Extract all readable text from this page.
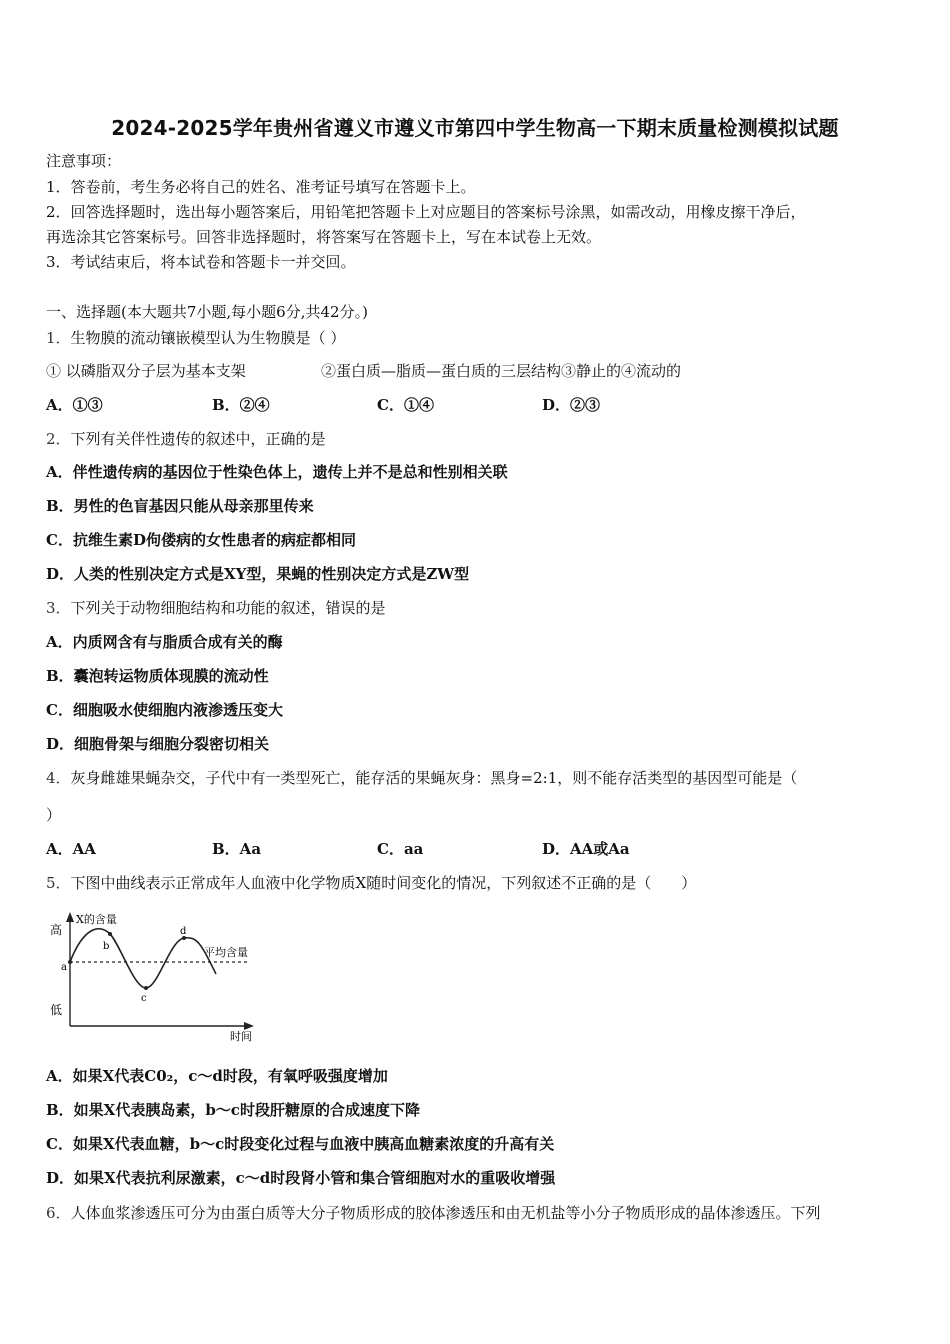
2024-2025学年贵州省遵义市遵义市第四中学生物高一下期末质量检测模拟试题
注意事项：
1．答卷前，考生务必将自己的姓名、准考证号填写在答题卡上。
2．回答选择题时，选出每小题答案后，用铅笔把答题卡上对应题目的答案标号涂黑，如需改动，用橡皮擦干净后，
再选涂其它答案标号。回答非选择题时，将答案写在答题卡上，写在本试卷上无效。
3．考试结束后，将本试卷和答题卡一并交回。
一、选择题(本大题共7小题,每小题6分,共42分。)
1．生物膜的流动镶嵌模型认为生物膜是（ ）
① 以磷脂双分子层为基本支架	②蛋白质—脂质—蛋白质的三层结构③静止的④流动的
A．①③	B．②④	C．①④	D．②③
2．下列有关伴性遗传的叙述中，正确的是
A．伴性遗传病的基因位于性染色体上，遗传上并不是总和性别相关联
B．男性的色盲基因只能从母亲那里传来
C．抗维生素D佝偻病的女性患者的病症都相同
D．人类的性别决定方式是XY型，果蝇的性别决定方式是ZW型
3．下列关于动物细胞结构和功能的叙述，错误的是
A．内质网含有与脂质合成有关的酶
B．囊泡转运物质体现膜的流动性
C．细胞吸水使细胞内液渗透压变大
D．细胞骨架与细胞分裂密切相关
4．灰身雌雄果蝇杂交，子代中有一类型死亡，能存活的果蝇灰身：黑身=2:1，则不能存活类型的基因型可能是（
）
A．AA	B．Aa	C．aa	D．AA或Aa
5．下图中曲线表示正常成年人血液中化学物质X随时间变化的情况，下列叙述不正确的是（　　）
X的含量
高
低
时间
平均含量
a
b
c
d
A．如果X代表C0₂，c～d时段，有氧呼吸强度增加
B．如果X代表胰岛素，b～c时段肝糖原的合成速度下降
C．如果X代表血糖，b～c时段变化过程与血液中胰高血糖素浓度的升高有关
D．如果X代表抗利尿激素，c～d时段肾小管和集合管细胞对水的重吸收增强
6．人体血浆渗透压可分为由蛋白质等大分子物质形成的胶体渗透压和由无机盐等小分子物质形成的晶体渗透压。下列
